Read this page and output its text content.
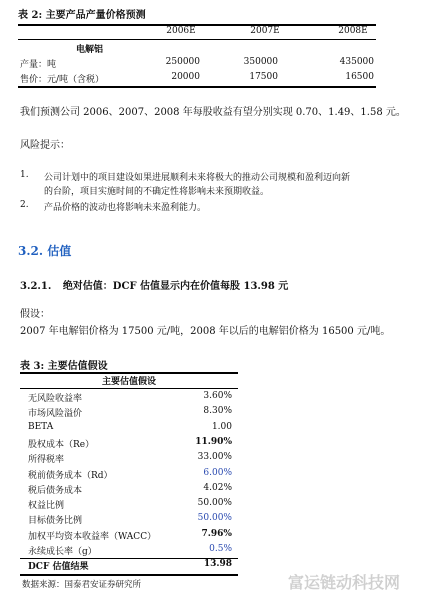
表 2: 主要产品产量价格预测
2006E	2007E	2008E
电解铝
产量：吨	250000	350000	435000
售价：元/吨（含税）	20000	17500	16500
我们预测公司 2006、2007、2008 年每股收益有望分别实现 0.70、1.49、1.58 元。
风险提示：
1. 公司计划中的项目建设如果进展顺利未来将极大的推动公司规模和盈利迈向新
的台阶，项目实施时间的不确定性将影响未来预期收益。
2. 产品价格的波动也将影响未来盈利能力。
3.2. 估值
3.2.1. 绝对估值：DCF 估值显示内在价值每股 13.98 元
假设：
2007 年电解铝价格为 17500 元/吨，2008 年以后的电解铝价格为 16500 元/吨。
表 3: 主要估值假设
主要估值假设
无风险收益率	3.60%
市场风险溢价	8.30%
BETA	1.00
股权成本（Re）	11.90%
所得税率	33.00%
税前债务成本（Rd）	6.00%
税后债务成本	4.02%
权益比例	50.00%
目标债务比例	50.00%
加权平均资本收益率（WACC）	7.96%
永续成长率（g）	0.5%
DCF 估值结果	13.98
数据来源：国泰君安证券研究所	富运链动科技网
